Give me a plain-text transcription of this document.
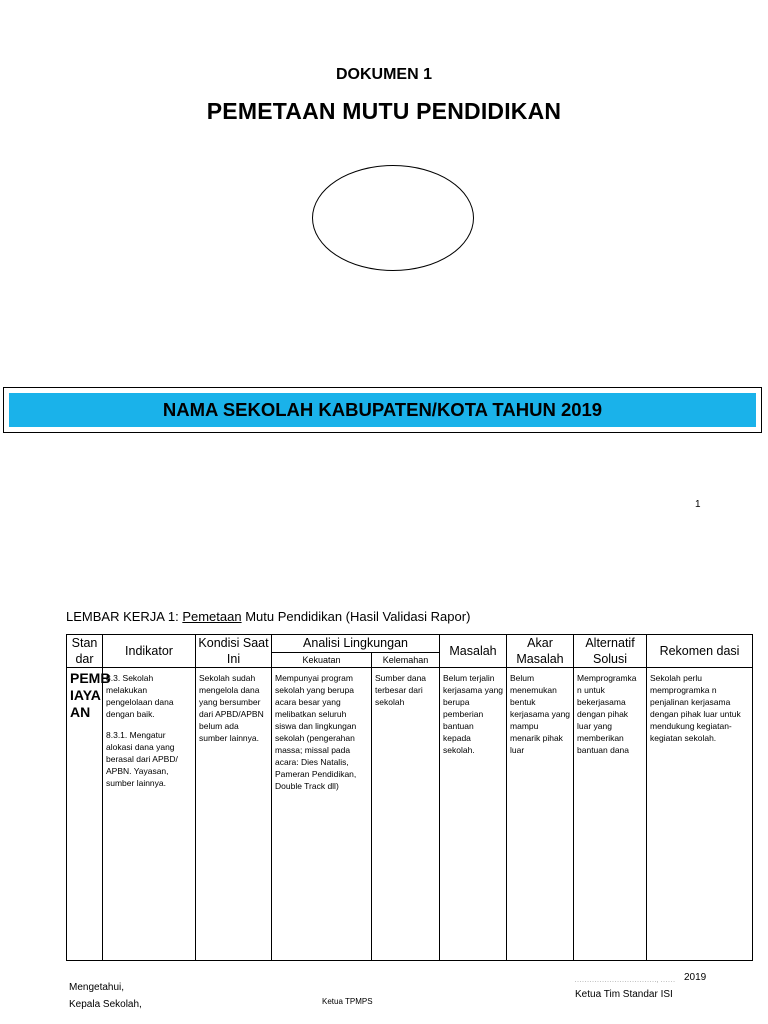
DOKUMEN 1
PEMETAAN MUTU PENDIDIKAN
NAMA SEKOLAH KABUPATEN/KOTA TAHUN 2019
1
LEMBAR KERJA 1: Pemetaan Mutu Pendidikan (Hasil Validasi Rapor)
Stan dar	Indikator	Kondisi Saat Ini	Analisi Lingkungan		Masalah	Akar Masalah	Alternatif Solusi	Rekomen dasi
			Kekuatan	Kelemahan				
PEMB IAYA AN	8.3. Sekolah melakukan pengelolaan dana dengan baik.

8.3.1. Mengatur alokasi dana yang berasal dari APBD/ APBN. Yayasan, sumber lainnya.	Sekolah sudah mengelola dana yang bersumber dari APBD/APBN belum ada sumber lainnya.	Mempunyai program sekolah yang berupa acara besar yang melibatkan seluruh siswa dan lingkungan sekolah (pengerahan massa; missal pada acara: Dies Natalis, Pameran Pendidikan, Double Track dll)	Sumber dana terbesar dari sekolah	Belum terjalin kerjasama yang berupa pemberian bantuan kepada sekolah.	Belum menemukan bentuk kerjasama yang mampu menarik pihak luar	Memprogramka n untuk bekerjasama dengan pihak luar yang memberikan bantuan dana	Sekolah perlu memprogramka n penjalinan kerjasama dengan pihak luar untuk mendukung kegiatan-kegiatan sekolah.
……………………………, …… 2019
Mengetahui,
Kepala Sekolah,	Ketua TPMPS
Ketua Tim Standar ISI
